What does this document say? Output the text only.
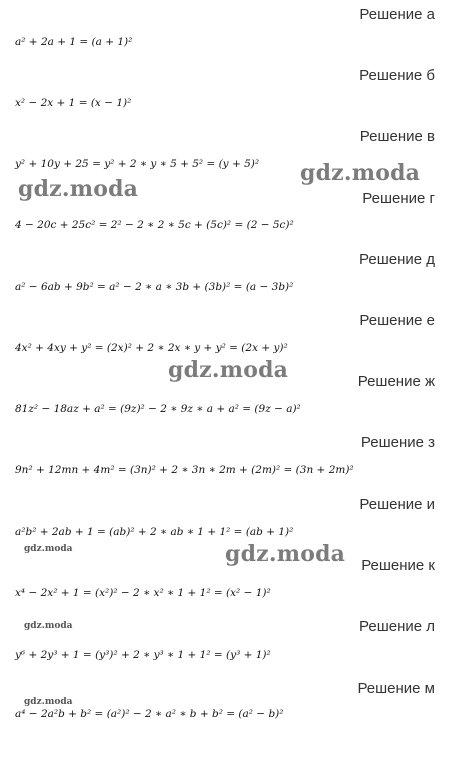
Решение а
a² + 2a + 1 = (a + 1)²
Решение б
x² − 2x + 1 = (x − 1)²
Решение в
y² + 10y + 25 = y² + 2 ∗ y ∗ 5 + 5² = (y + 5)²
Решение г
4 − 20c + 25c² = 2² − 2 ∗ 2 ∗ 5c + (5c)² = (2 − 5c)²
Решение д
a² − 6ab + 9b² = a² − 2 ∗ a ∗ 3b + (3b)² = (a − 3b)²
Решение е
4x² + 4xy + y² = (2x)² + 2 ∗ 2x ∗ y + y² = (2x + y)²
Решение ж
81z² − 18az + a² = (9z)² − 2 ∗ 9z ∗ a + a² = (9z − a)²
Решение з
9n² + 12mn + 4m² = (3n)² + 2 ∗ 3n ∗ 2m + (2m)² = (3n + 2m)²
Решение и
a²b² + 2ab + 1 = (ab)² + 2 ∗ ab ∗ 1 + 1² = (ab + 1)²
Решение к
x⁴ − 2x² + 1 = (x²)² − 2 ∗ x² ∗ 1 + 1² = (x² − 1)²
Решение л
y⁶ + 2y³ + 1 = (y³)² + 2 ∗ y³ ∗ 1 + 1² = (y³ + 1)²
Решение м
a⁴ − 2a²b + b² = (a²)² − 2 ∗ a² ∗ b + b² = (a² − b)²
gdz.moda
gdz.moda
gdz.moda
gdz.moda
gdz.moda
gdz.moda
gdz.moda
